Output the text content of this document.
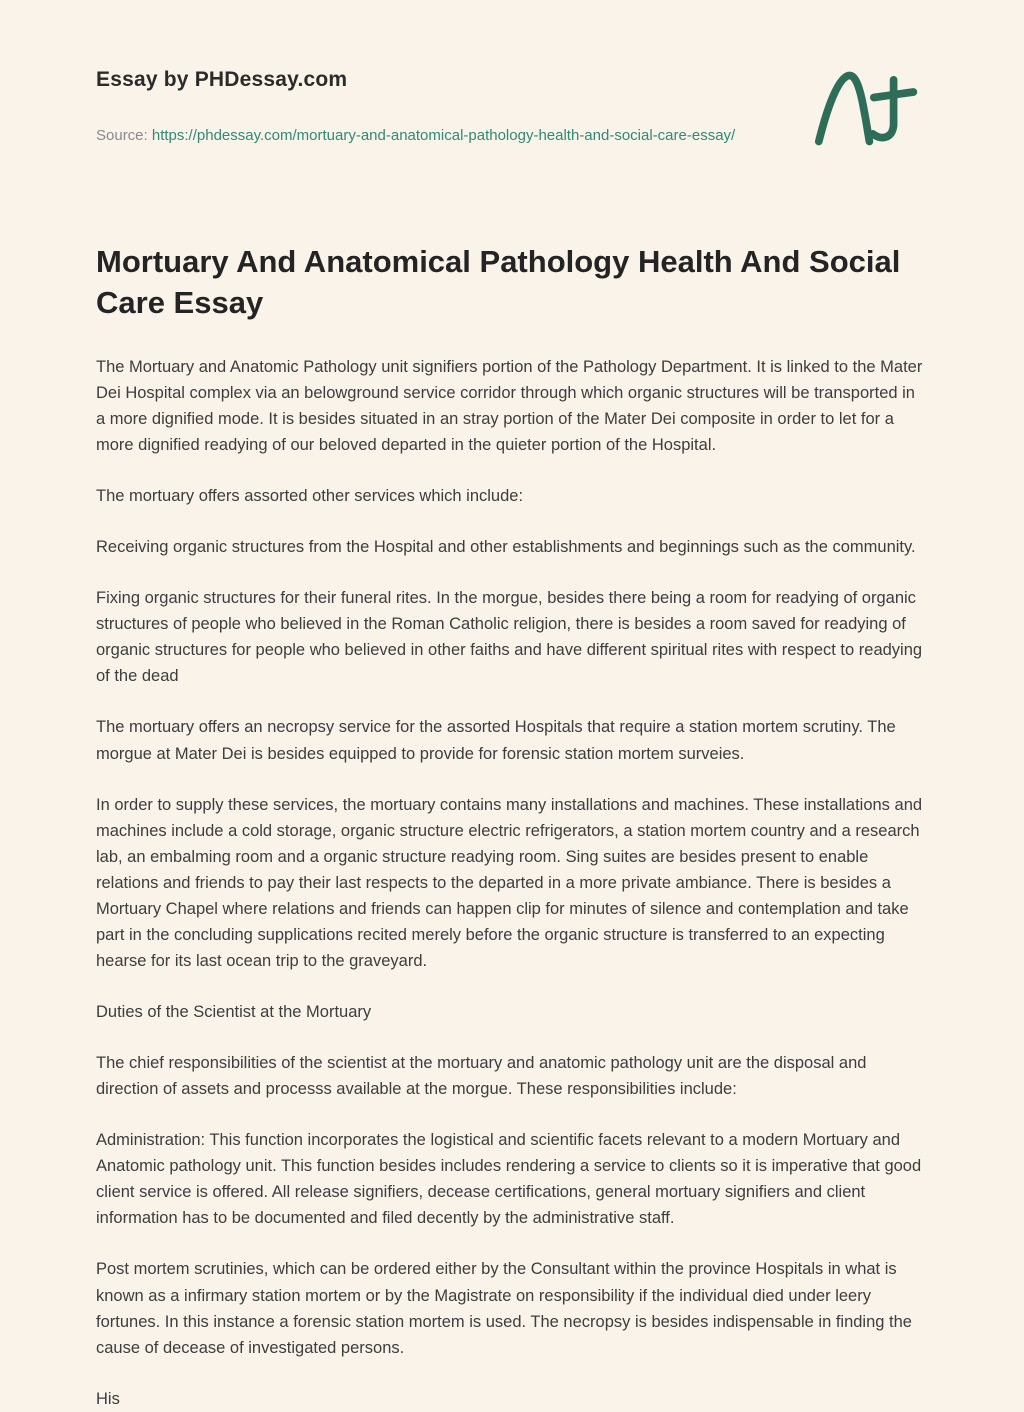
Essay by PHDessay.com
Source: https://phdessay.com/mortuary-and-anatomical-pathology-health-and-social-care-essay/
Mortuary And Anatomical Pathology Health And Social Care Essay

The Mortuary and Anatomic Pathology unit signifiers portion of the Pathology Department. It is linked to the Mater Dei Hospital complex via an belowground service corridor through which organic structures will be transported in a more dignified mode. It is besides situated in an stray portion of the Mater Dei composite in order to let for a more dignified readying of our beloved departed in the quieter portion of the Hospital.

The mortuary offers assorted other services which include:

Receiving organic structures from the Hospital and other establishments and beginnings such as the community.

Fixing organic structures for their funeral rites. In the morgue, besides there being a room for readying of organic structures of people who believed in the Roman Catholic religion, there is besides a room saved for readying of organic structures for people who believed in other faiths and have different spiritual rites with respect to readying of the dead

The mortuary offers an necropsy service for the assorted Hospitals that require a station mortem scrutiny. The morgue at Mater Dei is besides equipped to provide for forensic station mortem surveies.

In order to supply these services, the mortuary contains many installations and machines. These installations and machines include a cold storage, organic structure electric refrigerators, a station mortem country and a research lab, an embalming room and a organic structure readying room. Sing suites are besides present to enable relations and friends to pay their last respects to the departed in a more private ambiance. There is besides a Mortuary Chapel where relations and friends can happen clip for minutes of silence and contemplation and take part in the concluding supplications recited merely before the organic structure is transferred to an expecting hearse for its last ocean trip to the graveyard.

Duties of the Scientist at the Mortuary

The chief responsibilities of the scientist at the mortuary and anatomic pathology unit are the disposal and direction of assets and processs available at the morgue. These responsibilities include:

Administration: This function incorporates the logistical and scientific facets relevant to a modern Mortuary and Anatomic pathology unit. This function besides includes rendering a service to clients so it is imperative that good client service is offered. All release signifiers, decease certifications, general mortuary signifiers and client information has to be documented and filed decently by the administrative staff.

Post mortem scrutinies, which can be ordered either by the Consultant within the province Hospitals in what is known as a infirmary station mortem or by the Magistrate on responsibility if the individual died under leery fortunes. In this instance a forensic station mortem is used. The necropsy is besides indispensable in finding the cause of decease of investigated persons.

His
